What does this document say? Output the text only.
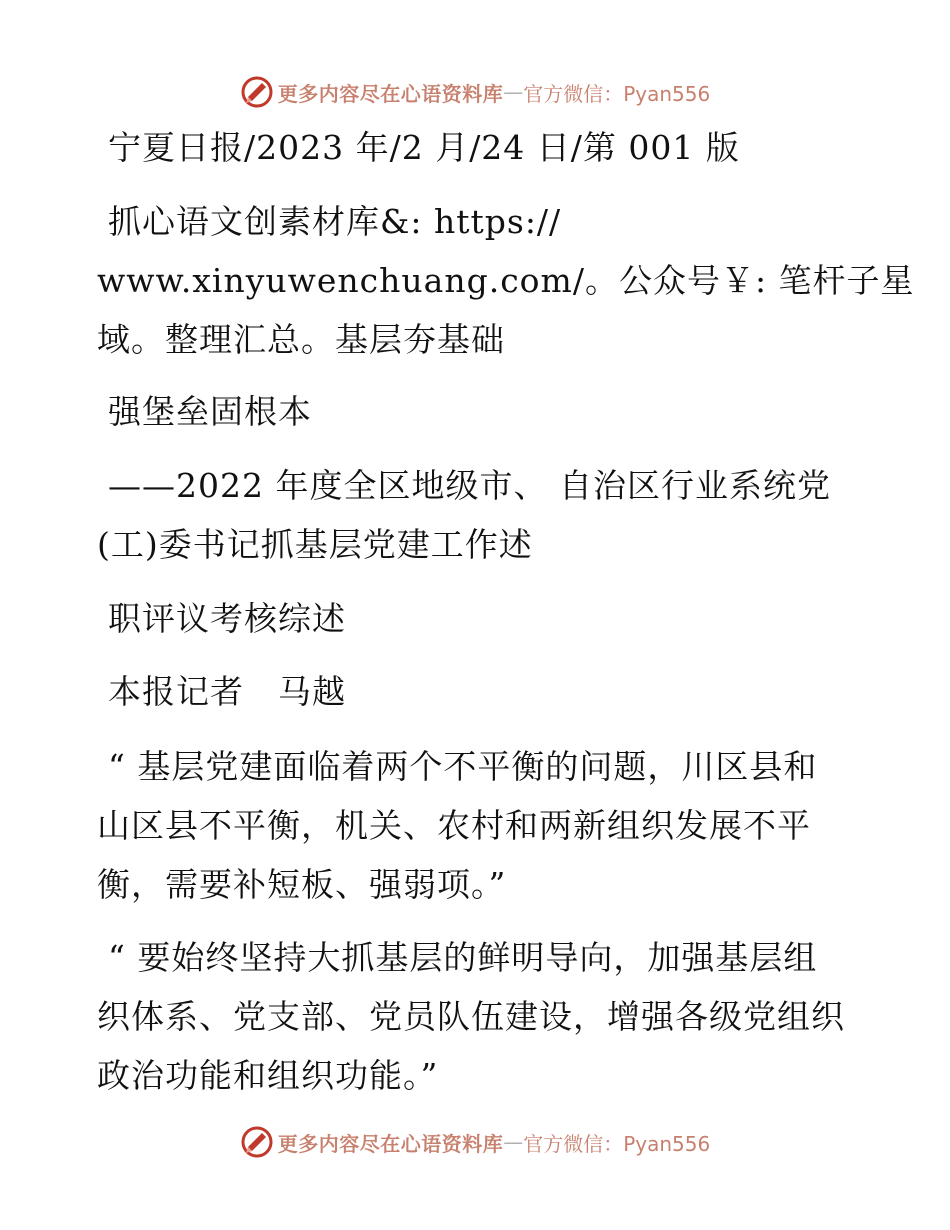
更多内容尽在心语资料库 — 官方微信：Pyan556
宁夏日报/2023 年/2 月/24 日/第 001 版
抓心语文创素材库&: https://
www.xinyuwenchuang.com/。公众号￥: 笔杆子星
域。整理汇总。基层夯基础
强堡垒固根本
——2022 年度全区地级市、 自治区行业系统党
(工)委书记抓基层党建工作述
职评议考核综述
本报记者　马越
“ 基层党建面临着两个不平衡的问题，川区县和
山区县不平衡，机关、农村和两新组织发展不平
衡，需要补短板、强弱项。”
“ 要始终坚持大抓基层的鲜明导向，加强基层组
织体系、党支部、党员队伍建设，增强各级党组织
政治功能和组织功能。”
更多内容尽在心语资料库 — 官方微信：Pyan556
